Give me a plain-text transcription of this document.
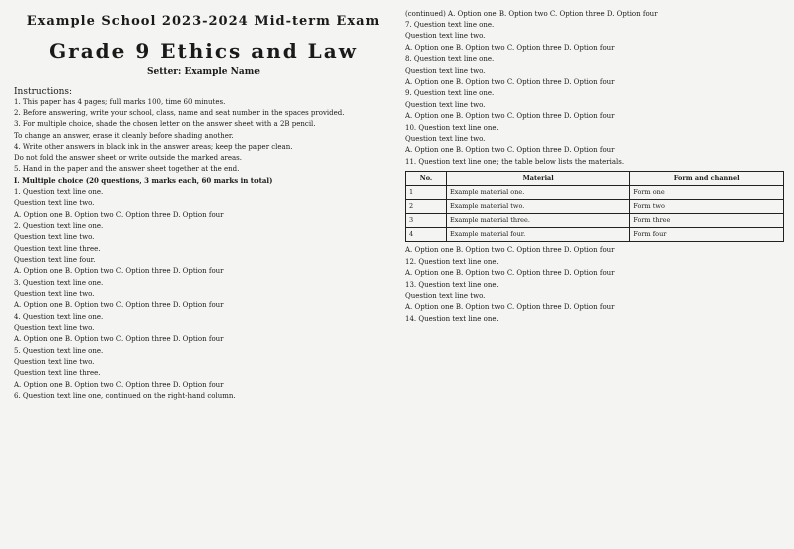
Example School 2023-2024 Mid-term Exam
Grade 9 Ethics and Law
Setter: Example Name
Instructions:
1. This paper has 4 pages; full marks 100, time 60 minutes.
2. Before answering, write your school, class, name and seat number in the spaces provided.
3. For multiple choice, shade the chosen letter on the answer sheet with a 2B pencil.
To change an answer, erase it cleanly before shading another.
4. Write other answers in black ink in the answer areas; keep the paper clean.
Do not fold the answer sheet or write outside the marked areas.
5. Hand in the paper and the answer sheet together at the end.
I. Multiple choice (20 questions, 3 marks each, 60 marks in total)
1. Question text line one.
Question text line two.
A. Option one B. Option two C. Option three D. Option four
2. Question text line one.
Question text line two.
Question text line three.
Question text line four.
A. Option one B. Option two C. Option three D. Option four
3. Question text line one.
Question text line two.
A. Option one B. Option two C. Option three D. Option four
4. Question text line one.
Question text line two.
A. Option one B. Option two C. Option three D. Option four
5. Question text line one.
Question text line two.
Question text line three.
A. Option one B. Option two C. Option three D. Option four
6. Question text line one, continued on the right-hand column.
(continued) A. Option one B. Option two C. Option three D. Option four
7. Question text line one.
Question text line two.
A. Option one B. Option two C. Option three D. Option four
8. Question text line one.
Question text line two.
A. Option one B. Option two C. Option three D. Option four
9. Question text line one.
Question text line two.
A. Option one B. Option two C. Option three D. Option four
10. Question text line one.
Question text line two.
A. Option one B. Option two C. Option three D. Option four
11. Question text line one; the table below lists the materials.
No.	Material	Form and channel
1	Example material one.	Form one
2	Example material two.	Form two
3	Example material three.	Form three
4	Example material four.	Form four
A. Option one B. Option two C. Option three D. Option four
12. Question text line one.
A. Option one B. Option two C. Option three D. Option four
13. Question text line one.
Question text line two.
A. Option one B. Option two C. Option three D. Option four
14. Question text line one.
